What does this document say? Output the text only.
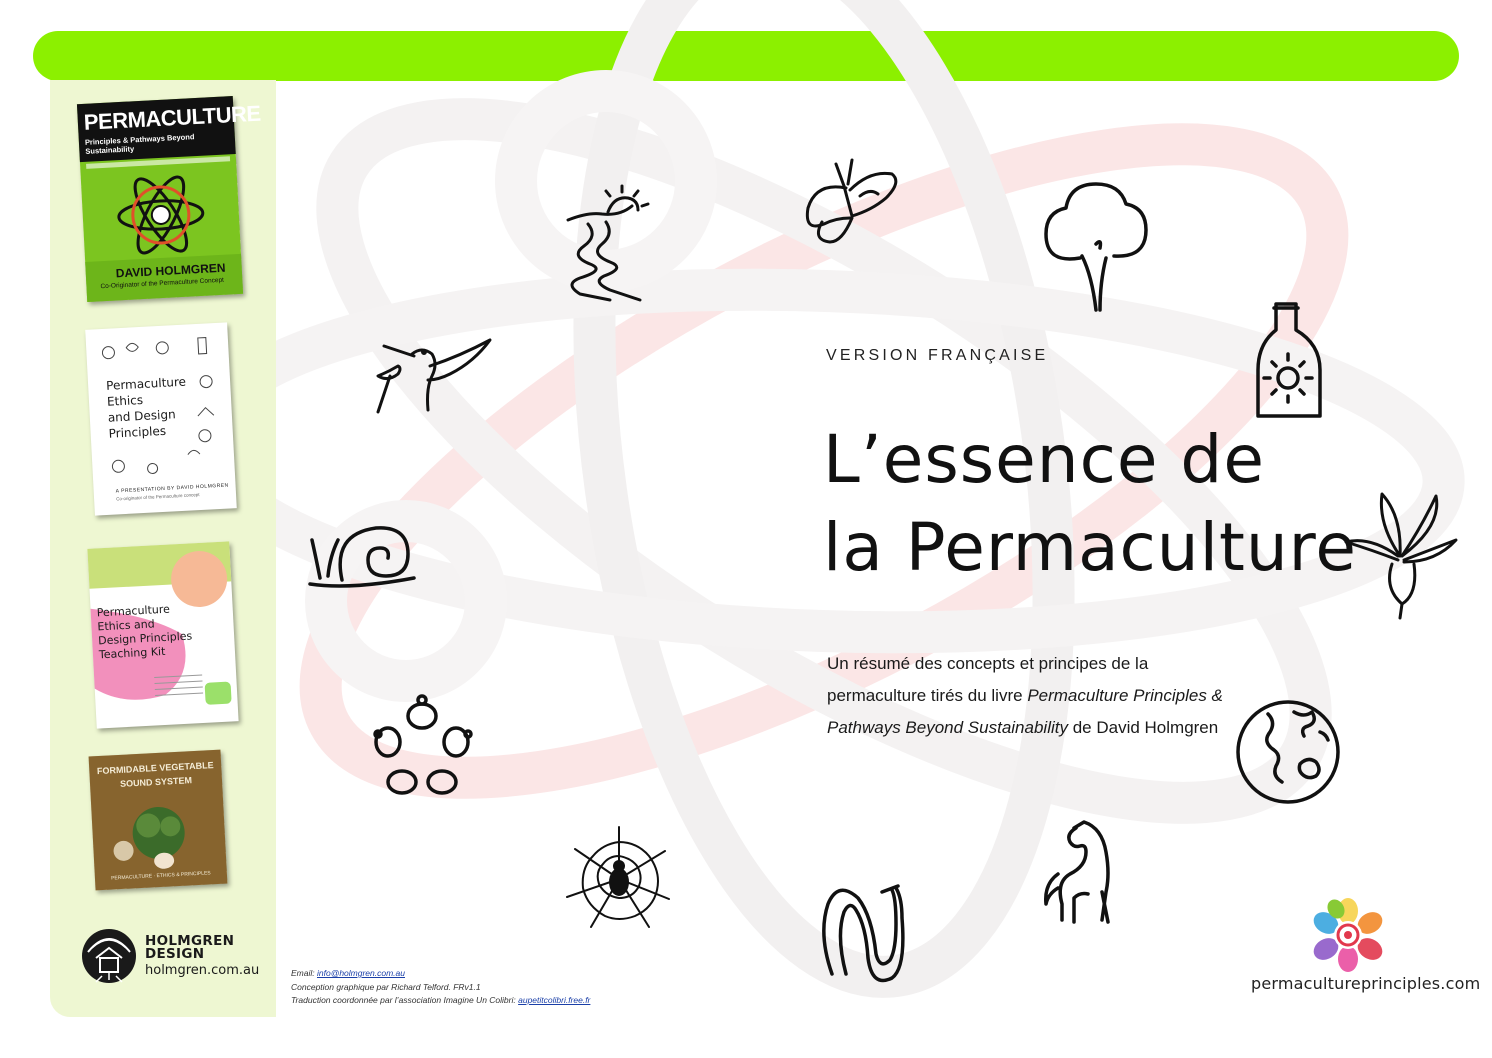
PERMACULTURE
Principles & Pathways Beyond Sustainability
DAVID HOLMGREN
Co-Originator of the Permaculture Concept
Permaculture
Ethics
and Design
Principles
A PRESENTATION BY DAVID HOLMGREN
Co-originator of the Permaculture concept
Permaculture
Ethics and
Design Principles
Teaching Kit
FORMIDABLE VEGETABLE
SOUND SYSTEM
PERMACULTURE · ETHICS & PRINCIPLES
HOLMGREN
DESIGN
holmgren.com.au	Email: info@holmgren.com.au
Conception graphique par Richard Telford. FRv1.1
Traduction coordonnée par l’association Imagine Un Colibri: aupetitcolibri.free.fr
VERSION FRANÇAISE
L’essence de
la Permaculture
Un résumé des concepts et principes de la permaculture tirés du livre Permaculture Principles & Pathways Beyond Sustainability de David Holmgren
permacultureprinciples.com
